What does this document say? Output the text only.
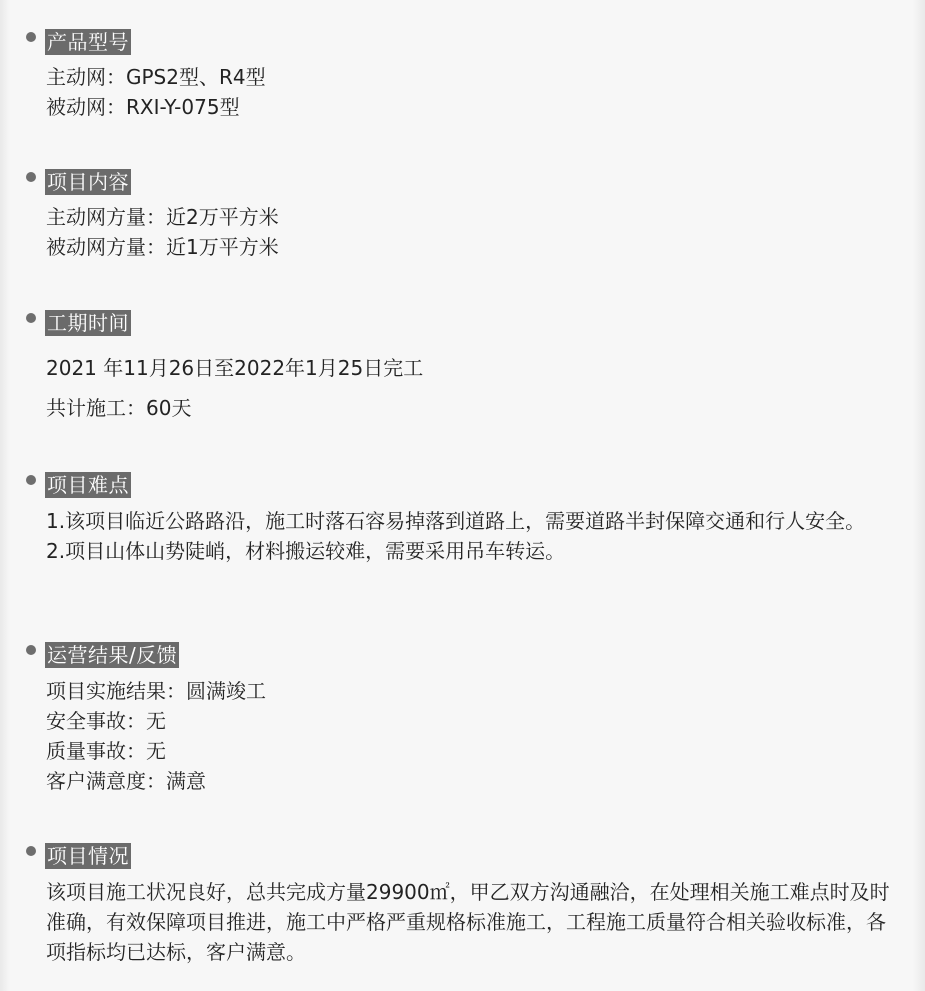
产品型号

主动网：GPS2型、R4型

被动网：RXI-Y-075型

项目内容

主动网方量：近2万平方米

被动网方量：近1万平方米

工期时间

2021 年11月26日至2022年1月25日完工

共计施工：60天

项目难点

1.该项目临近公路路沿，施工时落石容易掉落到道路上，需要道路半封保障交通和行人安全。

2.项目山体山势陡峭，材料搬运较难，需要采用吊车转运。

运营结果/反馈

项目实施结果：圆满竣工

安全事故：无

质量事故：无

客户满意度：满意

项目情况

该项目施工状况良好，总共完成方量29900㎡，甲乙双方沟通融洽，在处理相关施工难点时及时准确，有效保障项目推进，施工中严格严重规格标准施工，工程施工质量符合相关验收标准，各项指标均已达标，客户满意。
